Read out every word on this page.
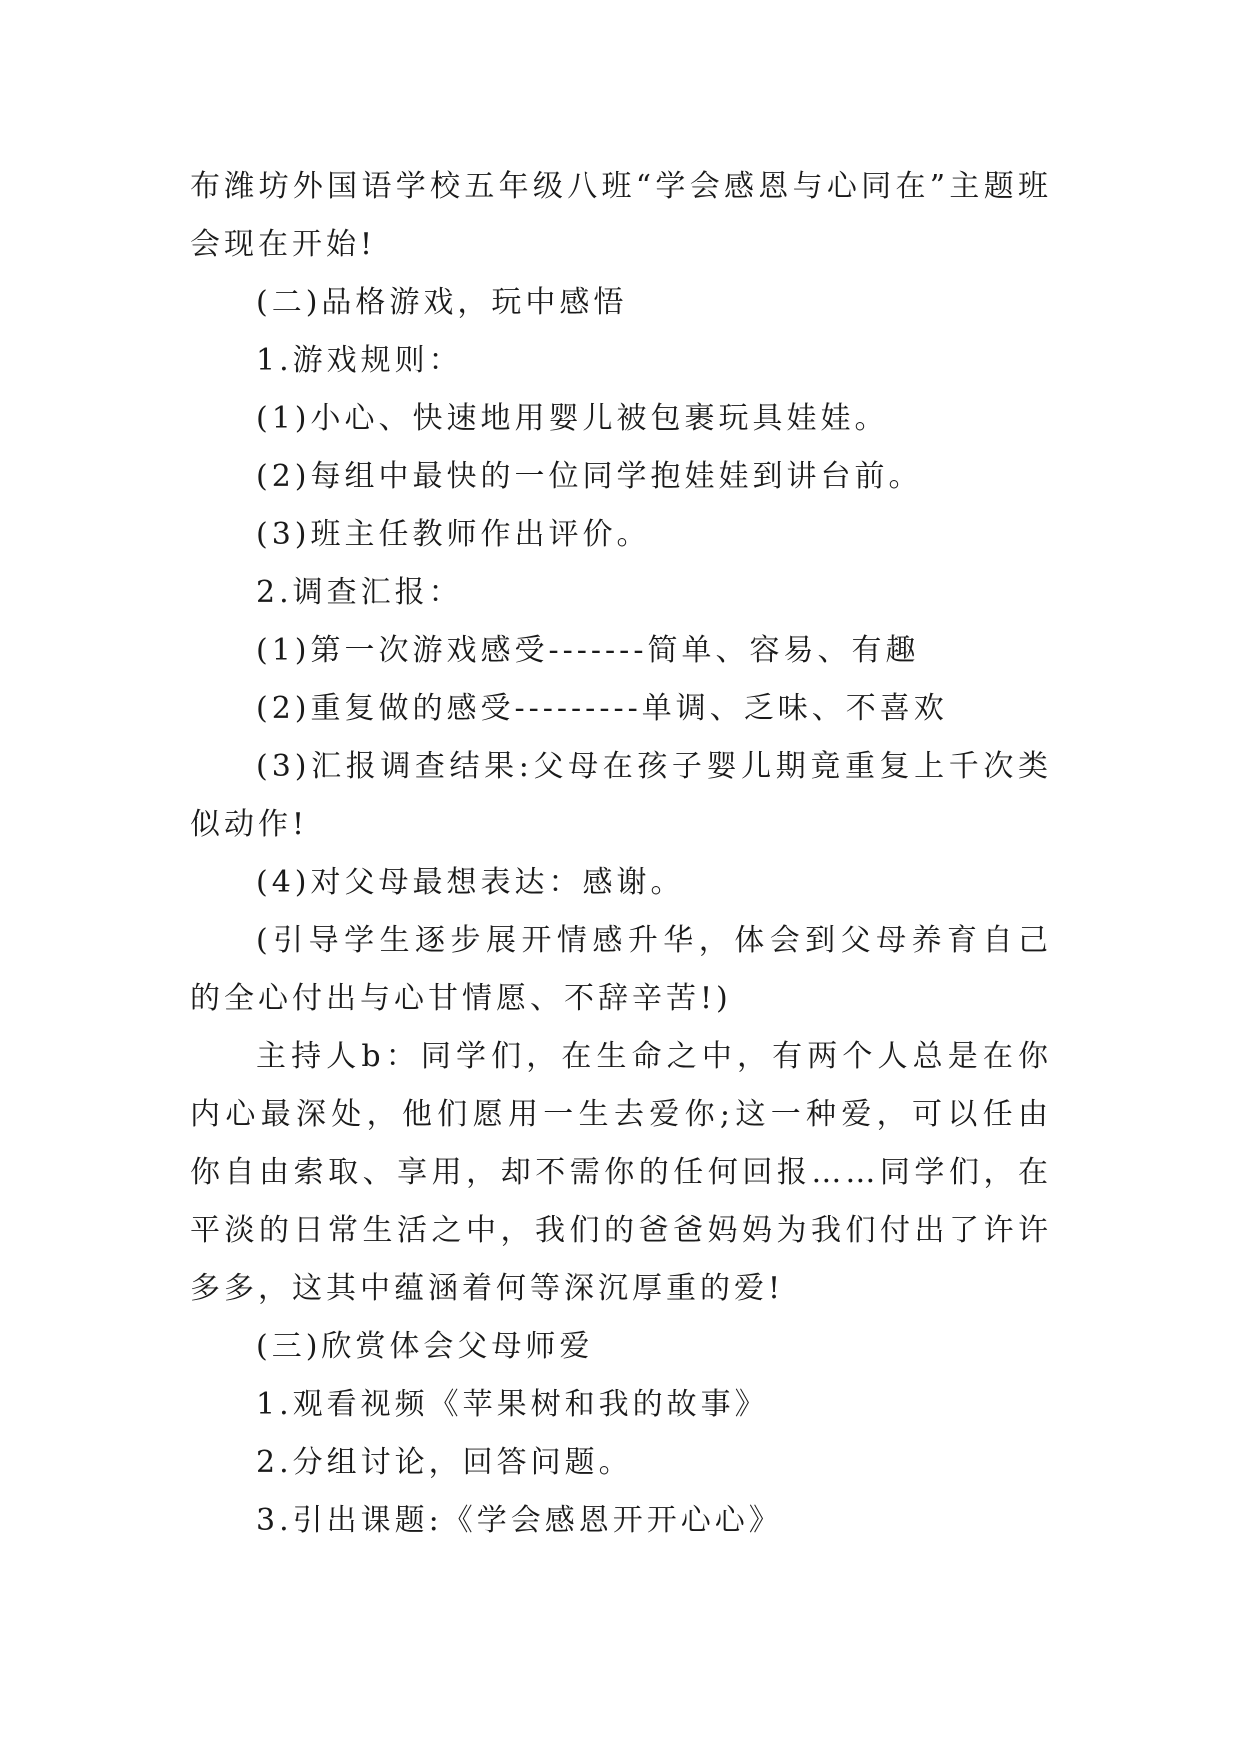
布潍坊外国语学校五年级八班“学会感恩与心同在”主题班会现在开始!

(二)品格游戏，玩中感悟

1.游戏规则：

(1)小心、快速地用婴儿被包裹玩具娃娃。

(2)每组中最快的一位同学抱娃娃到讲台前。

(3)班主任教师作出评价。

2.调查汇报：

(1)第一次游戏感受-------简单、容易、有趣

(2)重复做的感受---------单调、乏味、不喜欢

(3)汇报调查结果:父母在孩子婴儿期竟重复上千次类似动作!

(4)对父母最想表达：感谢。

(引导学生逐步展开情感升华，体会到父母养育自己的全心付出与心甘情愿、不辞辛苦!)

主持人b：同学们，在生命之中，有两个人总是在你内心最深处，他们愿用一生去爱你;这一种爱，可以任由你自由索取、享用，却不需你的任何回报……同学们，在平淡的日常生活之中，我们的爸爸妈妈为我们付出了许许多多，这其中蕴涵着何等深沉厚重的爱!

(三)欣赏体会父母师爱

1.观看视频《苹果树和我的故事》

2.分组讨论，回答问题。

3.引出课题:《学会感恩开开心心》
